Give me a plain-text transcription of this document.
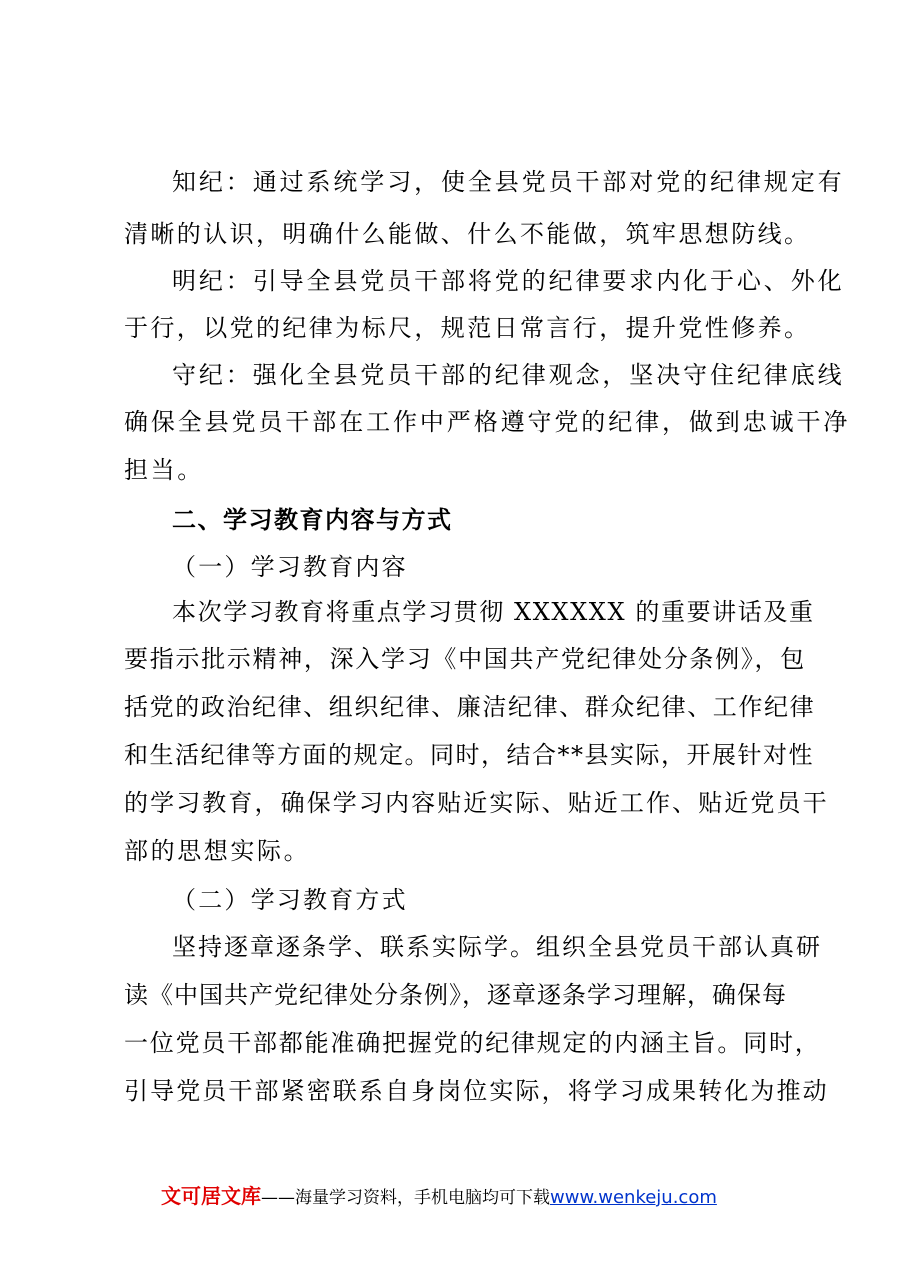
知纪：通过系统学习，使全县党员干部对党的纪律规定有
清晰的认识，明确什么能做、什么不能做，筑牢思想防线。
明纪：引导全县党员干部将党的纪律要求内化于心、外化
于行，以党的纪律为标尺，规范日常言行，提升党性修养。
守纪：强化全县党员干部的纪律观念，坚决守住纪律底线
确保全县党员干部在工作中严格遵守党的纪律，做到忠诚干净
担当。
二、学习教育内容与方式
（一）学习教育内容
本次学习教育将重点学习贯彻 XXXXXX 的重要讲话及重
要指示批示精神，深入学习《中国共产党纪律处分条例》，包
括党的政治纪律、组织纪律、廉洁纪律、群众纪律、工作纪律
和生活纪律等方面的规定。同时，结合**县实际，开展针对性
的学习教育，确保学习内容贴近实际、贴近工作、贴近党员干
部的思想实际。
（二）学习教育方式
坚持逐章逐条学、联系实际学。组织全县党员干部认真研
读《中国共产党纪律处分条例》，逐章逐条学习理解，确保每
一位党员干部都能准确把握党的纪律规定的内涵主旨。同时，
引导党员干部紧密联系自身岗位实际，将学习成果转化为推动
文可居文库——海量学习资料，手机电脑均可下载www.wenkeju.com
